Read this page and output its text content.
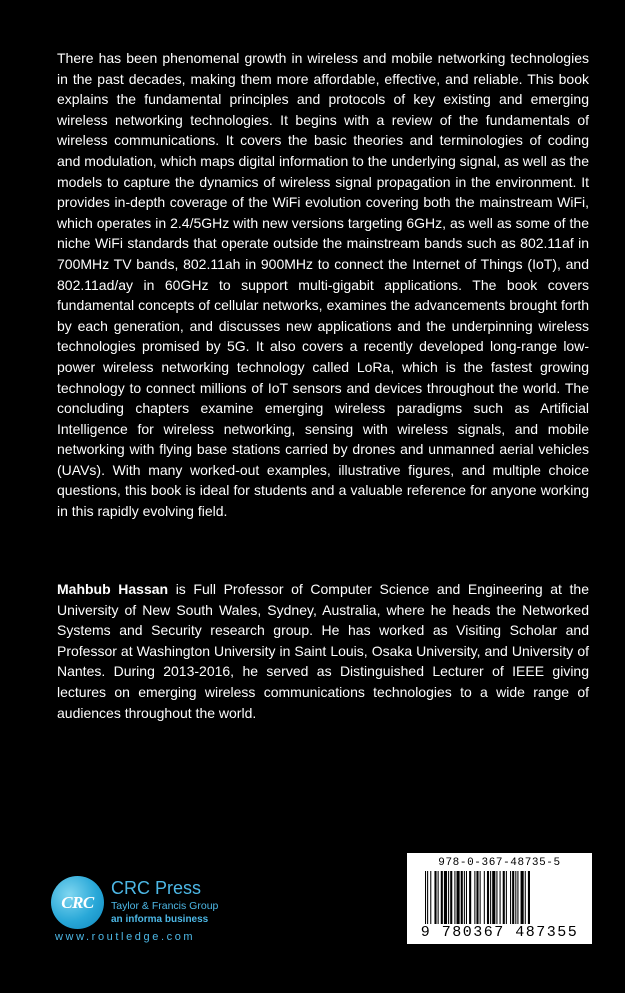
There has been phenomenal growth in wireless and mobile networking technologies in the past decades, making them more affordable, effective, and reliable. This book explains the fundamental principles and protocols of key existing and emerging wireless networking technologies. It begins with a review of the fundamentals of wireless communications. It covers the basic theories and terminologies of coding and modulation, which maps digital information to the underlying signal, as well as the models to capture the dynamics of wireless signal propagation in the environment. It provides in-depth coverage of the WiFi evolution covering both the mainstream WiFi, which operates in 2.4/5GHz with new versions targeting 6GHz, as well as some of the niche WiFi standards that operate outside the mainstream bands such as 802.11af in 700MHz TV bands, 802.11ah in 900MHz to connect the Internet of Things (IoT), and 802.11ad/ay in 60GHz to support multi-gigabit applications. The book covers fundamental concepts of cellular networks, examines the advancements brought forth by each generation, and discusses new applications and the underpinning wireless technologies promised by 5G. It also covers a recently developed long-range low-power wireless networking technology called LoRa, which is the fastest growing technology to connect millions of IoT sensors and devices throughout the world. The concluding chapters examine emerging wireless paradigms such as Artificial Intelligence for wireless networking, sensing with wireless signals, and mobile networking with flying base stations carried by drones and unmanned aerial vehicles (UAVs). With many worked-out examples, illustrative figures, and multiple choice questions, this book is ideal for students and a valuable reference for anyone working in this rapidly evolving field.

Mahbub Hassan is Full Professor of Computer Science and Engineering at the University of New South Wales, Sydney, Australia, where he heads the Networked Systems and Security research group. He has worked as Visiting Scholar and Professor at Washington University in Saint Louis, Osaka University, and University of Nantes. During 2013-2016, he served as Distinguished Lecturer of IEEE giving lectures on emerging wireless communications technologies to a wide range of audiences throughout the world.

CRC
CRC Press
Taylor & Francis Group
an informa business
www.routledge.com
978-0-367-48735-5
9 780367 487355
